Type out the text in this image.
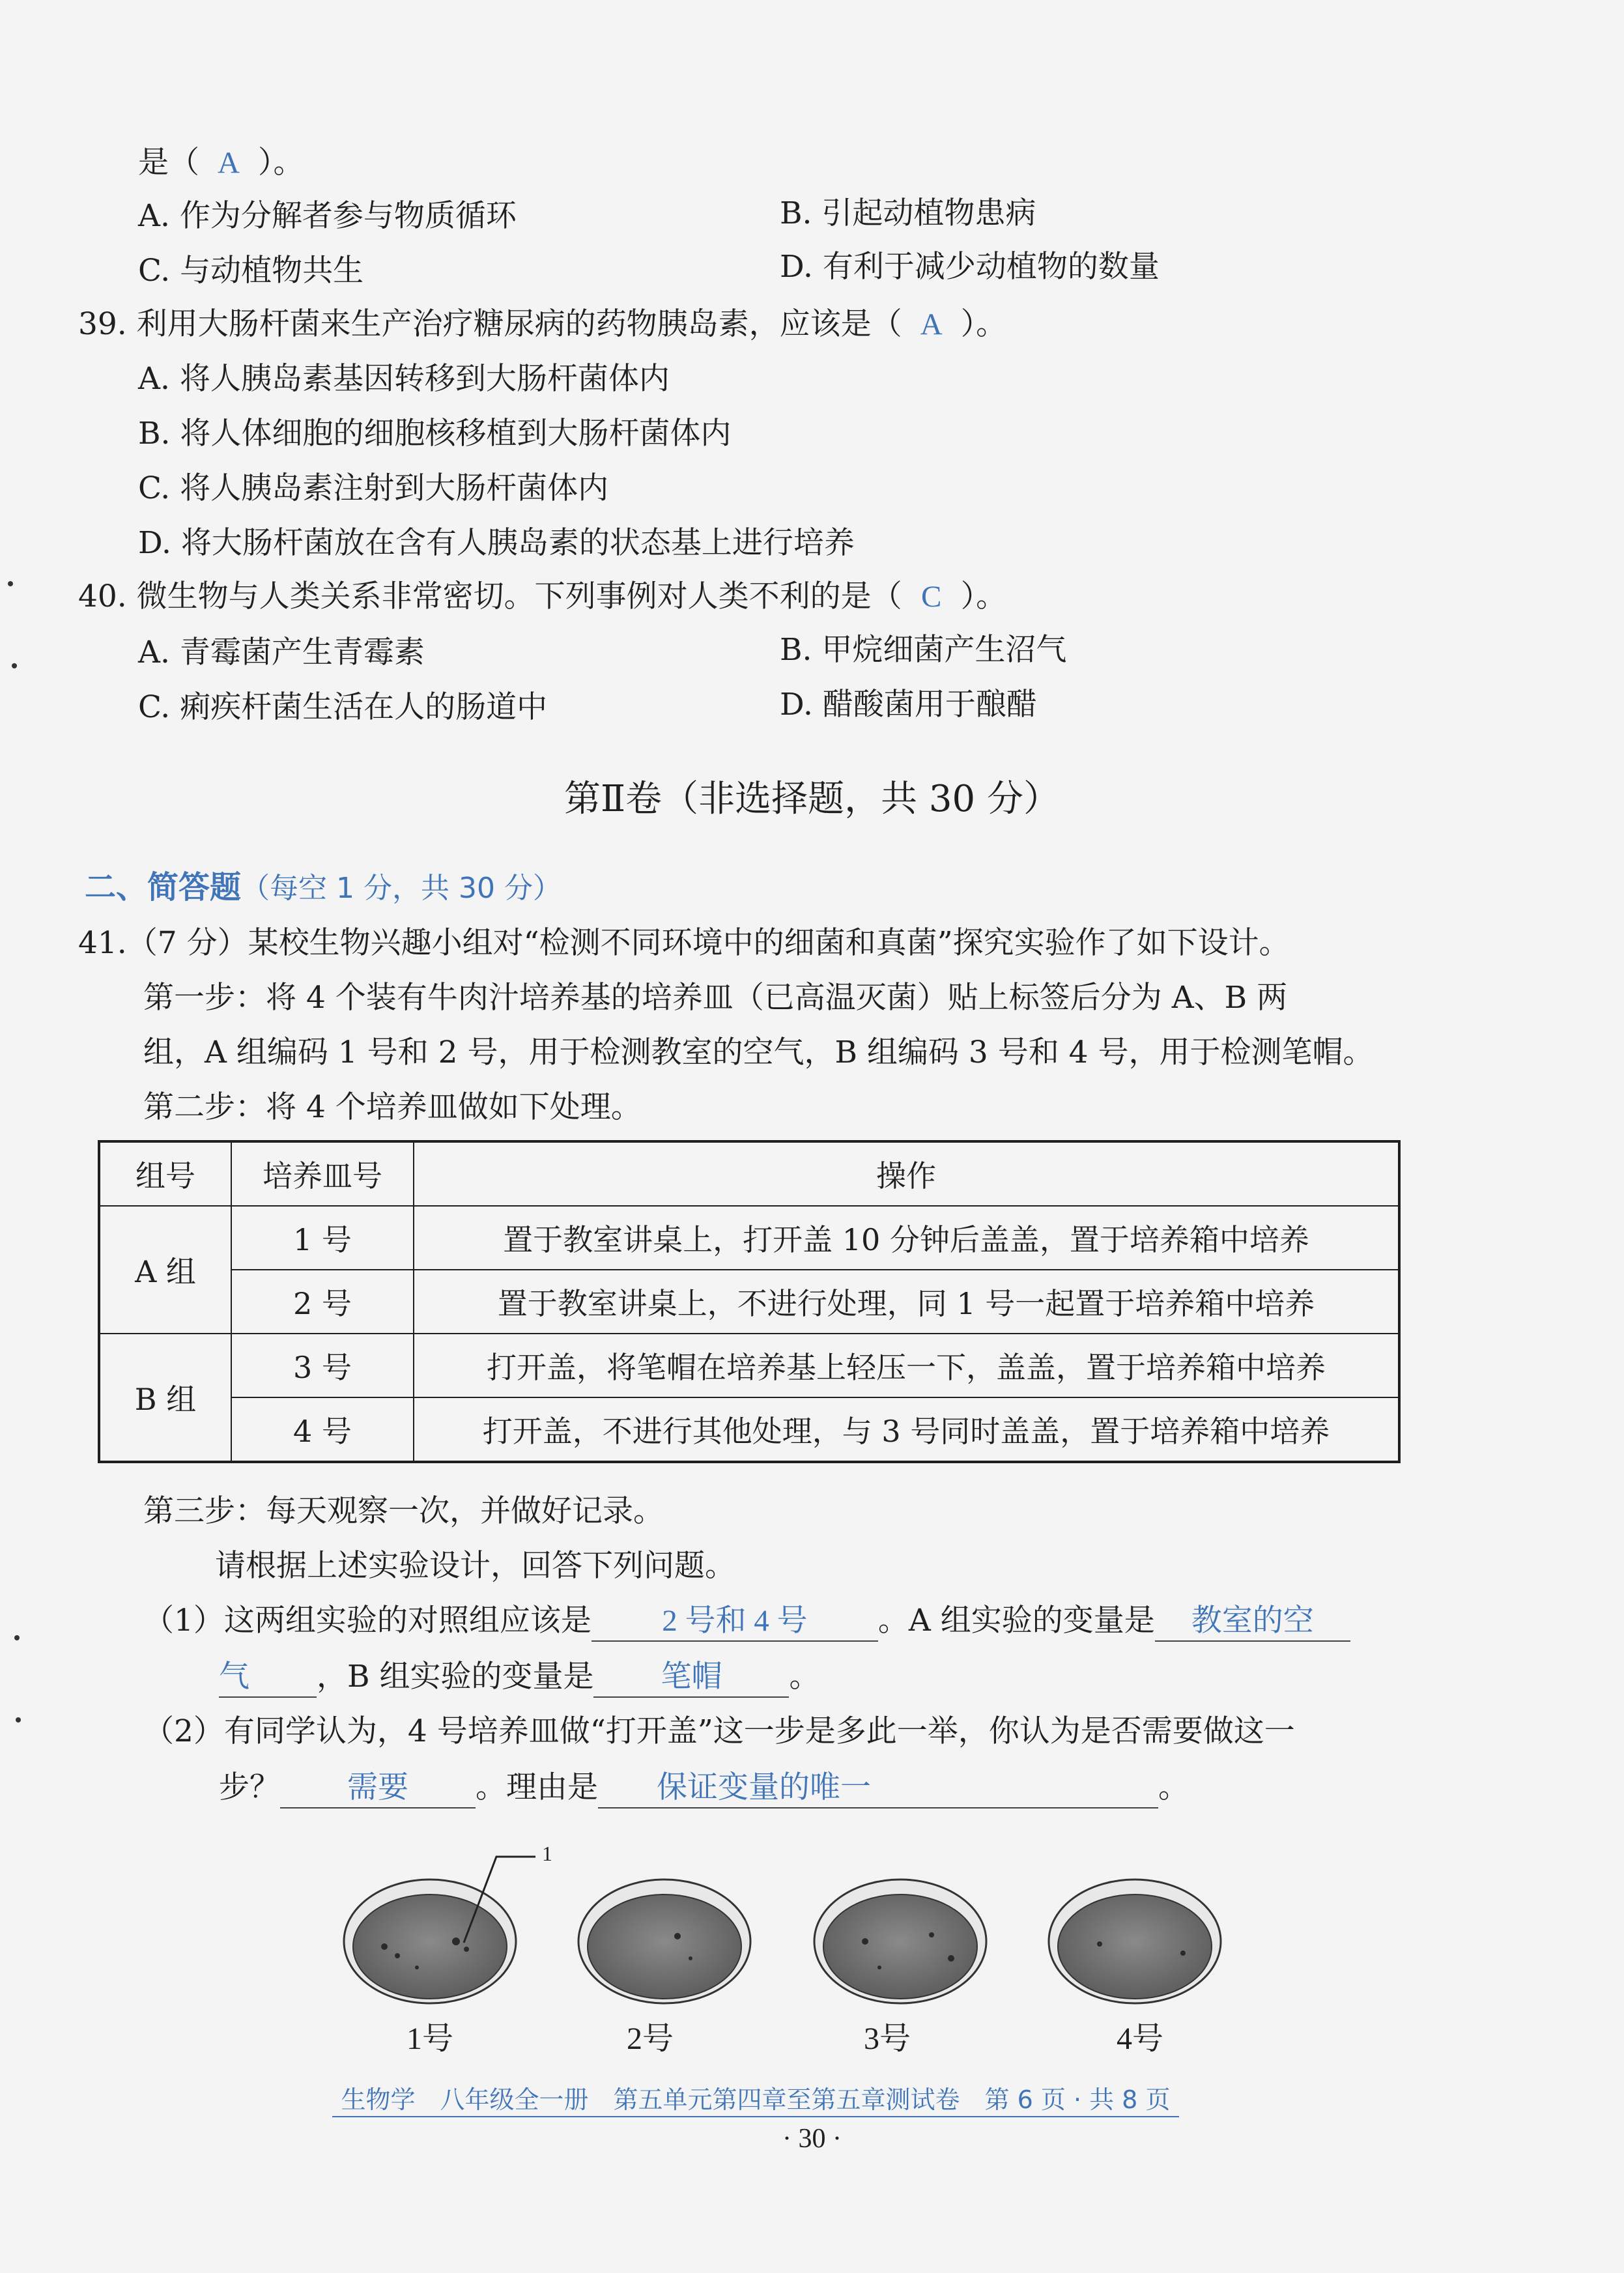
是（ A ）。
A. 作为分解者参与物质循环	B. 引起动植物患病
C. 与动植物共生	D. 有利于减少动植物的数量
39. 利用大肠杆菌来生产治疗糖尿病的药物胰岛素，应该是（ A ）。
A. 将人胰岛素基因转移到大肠杆菌体内
B. 将人体细胞的细胞核移植到大肠杆菌体内
C. 将人胰岛素注射到大肠杆菌体内
D. 将大肠杆菌放在含有人胰岛素的状态基上进行培养
40. 微生物与人类关系非常密切。下列事例对人类不利的是（ C ）。
A. 青霉菌产生青霉素	B. 甲烷细菌产生沼气
C. 痢疾杆菌生活在人的肠道中	D. 醋酸菌用于酿醋
第Ⅱ卷（非选择题，共 30 分）
二、简答题（每空 1 分，共 30 分）
41.（7 分）某校生物兴趣小组对“检测不同环境中的细菌和真菌”探究实验作了如下设计。
第一步：将 4 个装有牛肉汁培养基的培养皿（已高温灭菌）贴上标签后分为 A、B 两
组，A 组编码 1 号和 2 号，用于检测教室的空气，B 组编码 3 号和 4 号，用于检测笔帽。
第二步：将 4 个培养皿做如下处理。
组号	培养皿号	操作
A 组	1 号	置于教室讲桌上，打开盖 10 分钟后盖盖，置于培养箱中培养
	2 号	置于教室讲桌上，不进行处理，同 1 号一起置于培养箱中培养
B 组	3 号	打开盖，将笔帽在培养基上轻压一下，盖盖，置于培养箱中培养
	4 号	打开盖，不进行其他处理，与 3 号同时盖盖，置于培养箱中培养
第三步：每天观察一次，并做好记录。
请根据上述实验设计，回答下列问题。
（1）这两组实验的对照组应该是 2 号和 4 号 。A 组实验的变量是 教室的空
气 ，B 组实验的变量是 笔帽 。
（2）有同学认为，4 号培养皿做“打开盖”这一步是多此一举，你认为是否需要做这一
步？ 需要 。理由是 保证变量的唯一	。
1
1号	2号	3号	4号
生物学　八年级全一册　第五单元第四章至第五章测试卷　第 6 页 · 共 8 页
· 30 ·
